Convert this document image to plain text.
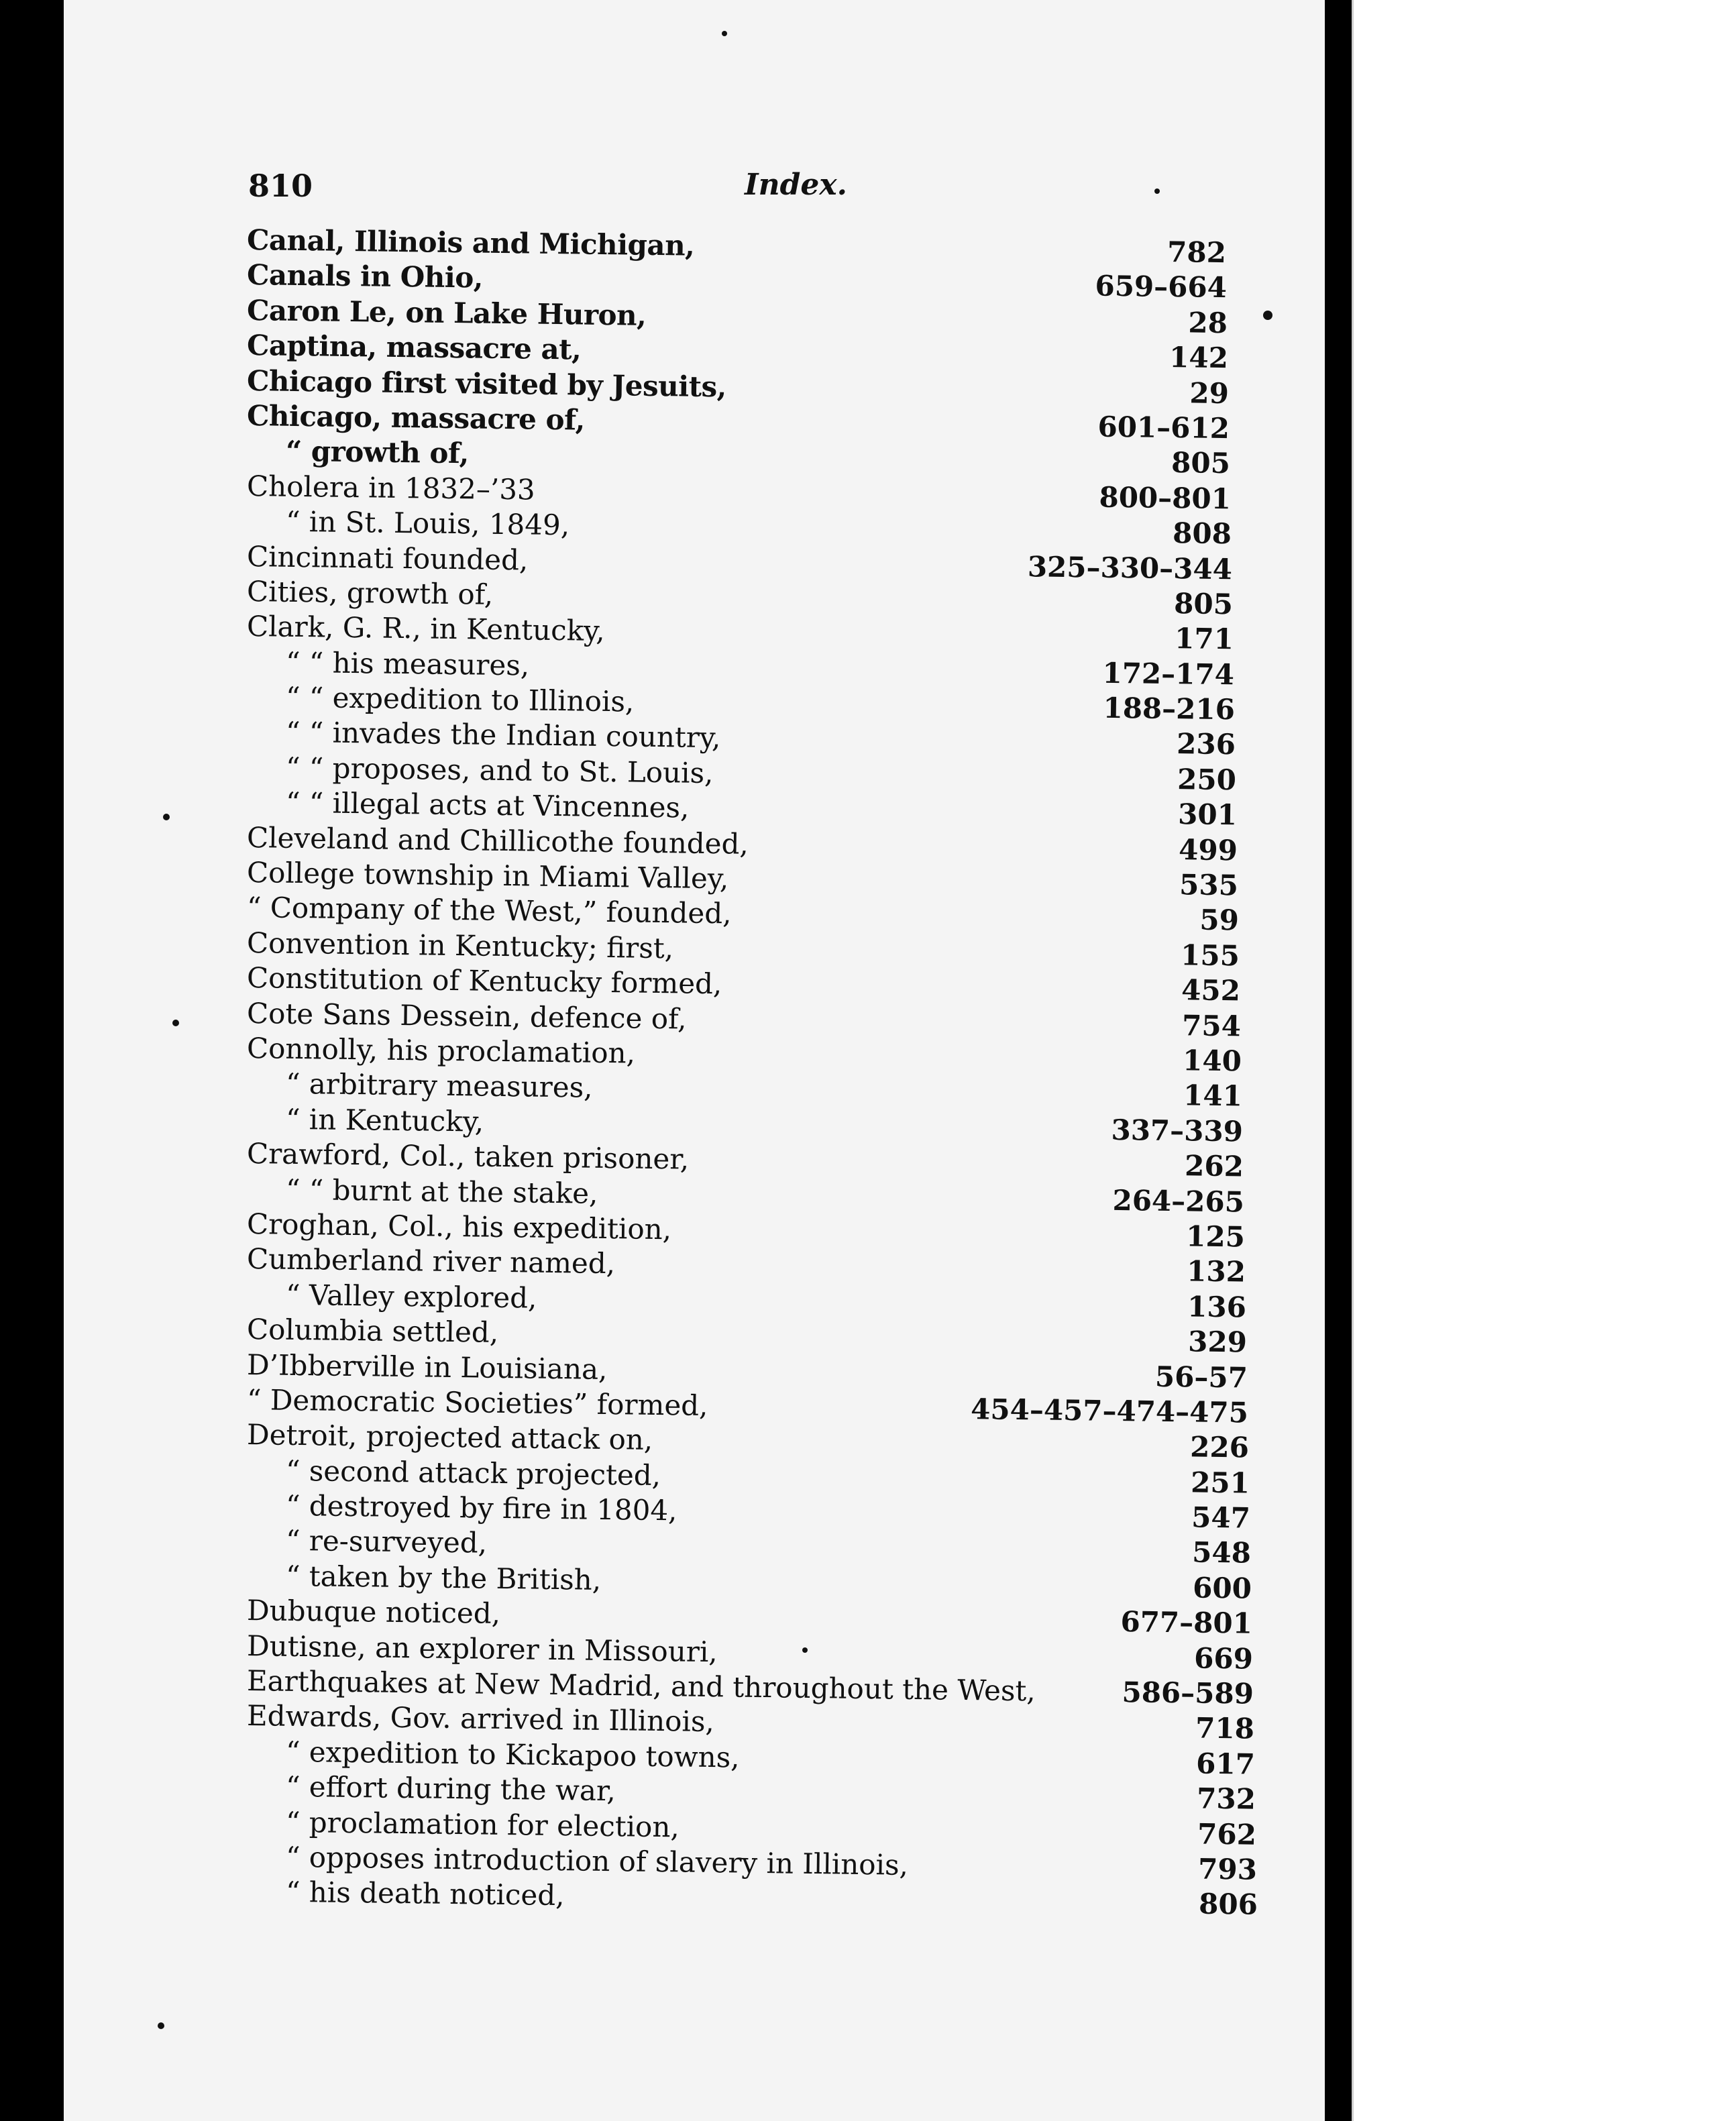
810	Index.
Canal, Illinois and Michigan,	782
Canals in Ohio,	659–664
Caron Le, on Lake Huron,	28
Captina, massacre at,	142
Chicago first visited by Jesuits,	29
Chicago, massacre of,	601–612
“ growth of,	805
Cholera in 1832–’33	800–801
“ in St. Louis, 1849,	808
Cincinnati founded,	325–330–344
Cities, growth of,	805
Clark, G. R., in Kentucky,	171
“ “ his measures,	172–174
“ “ expedition to Illinois,	188–216
“ “ invades the Indian country,	236
“ “ proposes, and to St. Louis,	250
“ “ illegal acts at Vincennes,	301
Cleveland and Chillicothe founded,	499
College township in Miami Valley,	535
“ Company of the West,” founded,	59
Convention in Kentucky; first,	155
Constitution of Kentucky formed,	452
Cote Sans Dessein, defence of,	754
Connolly, his proclamation,	140
“ arbitrary measures,	141
“ in Kentucky,	337–339
Crawford, Col., taken prisoner,	262
“ “ burnt at the stake,	264–265
Croghan, Col., his expedition,	125
Cumberland river named,	132
“ Valley explored,	136
Columbia settled,	329
D’Ibberville in Louisiana,	56–57
“ Democratic Societies” formed,	454–457–474–475
Detroit, projected attack on,	226
“ second attack projected,	251
“ destroyed by fire in 1804,	547
“ re-surveyed,	548
“ taken by the British,	600
Dubuque noticed,	677–801
Dutisne, an explorer in Missouri,	669
Earthquakes at New Madrid, and throughout the West,	586–589
Edwards, Gov. arrived in Illinois,	718
“ expedition to Kickapoo towns,	617
“ effort during the war,	732
“ proclamation for election,	762
“ opposes introduction of slavery in Illinois,	793
“ his death noticed,	806
